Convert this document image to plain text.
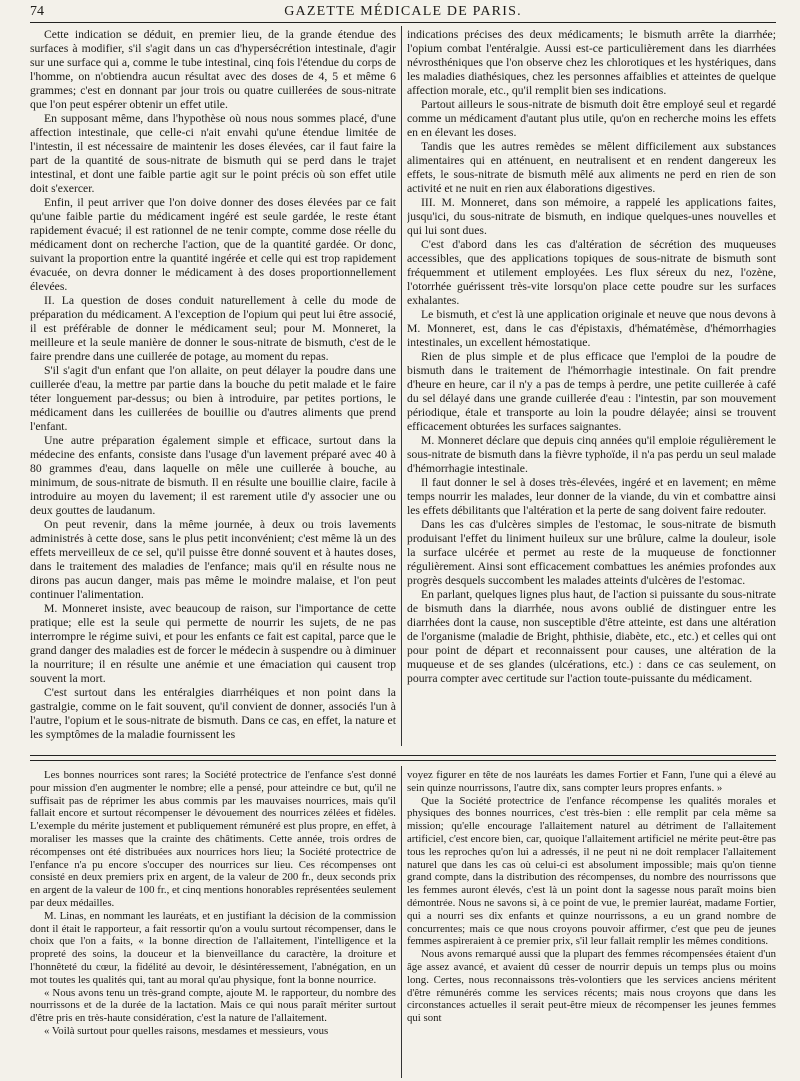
74	GAZETTE MÉDICALE DE PARIS.

Cette indication se déduit, en premier lieu, de la grande étendue des surfaces à modifier, s'il s'agit dans un cas d'hypersécrétion intestinale, d'agir sur une surface qui a, comme le tube intestinal, cinq fois l'étendue du corps de l'homme, on n'obtiendra aucun résultat avec des doses de 4, 5 et même 6 grammes; c'est en donnant par jour trois ou quatre cuillerées de sous-nitrate que l'on peut espérer obtenir un effet utile.

En supposant même, dans l'hypothèse où nous nous sommes placé, d'une affection intestinale, que celle-ci n'ait envahi qu'une étendue limitée de l'intestin, il est nécessaire de maintenir les doses élevées, car il faut faire la part de la quantité de sous-nitrate de bismuth qui se perd dans le trajet intestinal, et dont une faible partie agit sur le point précis où son effet utile doit s'exercer.

Enfin, il peut arriver que l'on doive donner des doses élevées par ce fait qu'une faible partie du médicament ingéré est seule gardée, le reste étant rapidement évacué; il est rationnel de ne tenir compte, comme dose réelle du médicament dont on recherche l'action, que de la quantité gardée. Or donc, suivant la proportion entre la quantité ingérée et celle qui est trop rapidement évacuée, on devra donner le médicament à des doses proportionnellement élevées.

II. La question de doses conduit naturellement à celle du mode de préparation du médicament. A l'exception de l'opium qui peut lui être associé, il est préférable de donner le médicament seul; pour M. Monneret, la meilleure et la seule manière de donner le sous-nitrate de bismuth, c'est de le faire prendre dans une cuillerée de potage, au moment du repas.

S'il s'agit d'un enfant que l'on allaite, on peut délayer la poudre dans une cuillerée d'eau, la mettre par partie dans la bouche du petit malade et le faire téter longuement par-dessus; ou bien à introduire, par petites portions, le médicament dans les cuillerées de bouillie ou d'autres aliments que prend l'enfant.

Une autre préparation également simple et efficace, surtout dans la médecine des enfants, consiste dans l'usage d'un lavement préparé avec 40 à 80 grammes d'eau, dans laquelle on mêle une cuillerée à bouche, au minimum, de sous-nitrate de bismuth. Il en résulte une bouillie claire, facile à introduire au moyen du lavement; il est rarement utile d'y associer une ou deux gouttes de laudanum.

On peut revenir, dans la même journée, à deux ou trois lavements administrés à cette dose, sans le plus petit inconvénient; c'est même là un des effets merveilleux de ce sel, qu'il puisse être donné souvent et à hautes doses, dans le traitement des maladies de l'enfance; mais qu'il en résulte nous ne dirons pas aucun danger, mais pas même le moindre malaise, et l'on peut continuer l'alimentation.

M. Monneret insiste, avec beaucoup de raison, sur l'importance de cette pratique; elle est la seule qui permette de nourrir les sujets, de ne pas interrompre le régime suivi, et pour les enfants ce fait est capital, parce que le grand danger des maladies est de forcer le médecin à suspendre ou à diminuer la nourriture; il en résulte une anémie et une émaciation qui causent trop souvent la mort.

C'est surtout dans les entéralgies diarrhéiques et non point dans la gastralgie, comme on le fait souvent, qu'il convient de donner, associés l'un à l'autre, l'opium et le sous-nitrate de bismuth. Dans ce cas, en effet, la nature et les symptômes de la maladie fournissent les

indications précises des deux médicaments; le bismuth arrête la diarrhée; l'opium combat l'entéralgie. Aussi est-ce particulièrement dans les diarrhées névrosthéniques que l'on observe chez les chlorotiques et les hystériques, dans les maladies diathésiques, chez les personnes affaiblies et atteintes de quelque affection morale, etc., qu'il remplit bien ses indications.

Partout ailleurs le sous-nitrate de bismuth doit être employé seul et regardé comme un médicament d'autant plus utile, qu'on en recherche moins les effets en en élevant les doses.

Tandis que les autres remèdes se mêlent difficilement aux substances alimentaires qui en atténuent, en neutralisent et en rendent dangereux les effets, le sous-nitrate de bismuth mêlé aux aliments ne perd en rien de son activité et ne nuit en rien aux élaborations digestives.

III. M. Monneret, dans son mémoire, a rappelé les applications faites, jusqu'ici, du sous-nitrate de bismuth, en indique quelques-unes nouvelles et qui lui sont dues.

C'est d'abord dans les cas d'altération de sécrétion des muqueuses accessibles, que des applications topiques de sous-nitrate de bismuth sont fréquemment et utilement employées. Les flux séreux du nez, l'ozène, l'otorrhée guérissent très-vite lorsqu'on place cette poudre sur les surfaces exhalantes.

Le bismuth, et c'est là une application originale et neuve que nous devons à M. Monneret, est, dans le cas d'épistaxis, d'hématémèse, d'hémorrhagies intestinales, un excellent hémostatique.

Rien de plus simple et de plus efficace que l'emploi de la poudre de bismuth dans le traitement de l'hémorrhagie intestinale. On fait prendre d'heure en heure, car il n'y a pas de temps à perdre, une petite cuillerée à café du sel délayé dans une grande cuillerée d'eau : l'intestin, par son mouvement périodique, étale et transporte au loin la poudre délayée; ainsi se trouvent efficacement obturées les surfaces saignantes.

M. Monneret déclare que depuis cinq années qu'il emploie régulièrement le sous-nitrate de bismuth dans la fièvre typhoïde, il n'a pas perdu un seul malade d'hémorrhagie intestinale.

Il faut donner le sel à doses très-élevées, ingéré et en lavement; en même temps nourrir les malades, leur donner de la viande, du vin et combattre ainsi les effets débilitants que l'altération et la perte de sang doivent faire redouter.

Dans les cas d'ulcères simples de l'estomac, le sous-nitrate de bismuth produisant l'effet du liniment huileux sur une brûlure, calme la douleur, isole la surface ulcérée et permet au reste de la muqueuse de fonctionner régulièrement. Ainsi sont efficacement combattues les anémies profondes aux progrès desquels succombent les malades atteints d'ulcères de l'estomac.

En parlant, quelques lignes plus haut, de l'action si puissante du sous-nitrate de bismuth dans la diarrhée, nous avons oublié de distinguer entre les diarrhées dont la cause, non susceptible d'être atteinte, est dans une altération de l'organisme (maladie de Bright, phthisie, diabète, etc., etc.) et celles qui ont pour point de départ et reconnaissent pour causes, une altération de la muqueuse et de ses glandes (ulcérations, etc.) : dans ce cas seulement, on pourra compter avec certitude sur l'action toute-puissante du médicament.

Les bonnes nourrices sont rares; la Société protectrice de l'enfance s'est donné pour mission d'en augmenter le nombre; elle a pensé, pour atteindre ce but, qu'il ne suffisait pas de réprimer les abus commis par les mauvaises nourrices, mais qu'il fallait encore et surtout récompenser le dévouement des nourrices zélées et fidèles. L'exemple du mérite justement et publiquement rémunéré est plus propre, en effet, à moraliser les masses que la crainte des châtiments. Cette année, trois ordres de récompenses ont été distribuées aux nourrices hors lieu; la Société protectrice de l'enfance n'a pu encore s'occuper des nourrices sur lieu. Ces récompenses ont consisté en deux premiers prix en argent, de la valeur de 200 fr., deux seconds prix en argent de la valeur de 100 fr., et cinq mentions honorables représentées seulement par deux médailles.

M. Linas, en nommant les lauréats, et en justifiant la décision de la commission dont il était le rapporteur, a fait ressortir qu'on a voulu surtout récompenser, dans le choix que l'on a faits, « la bonne direction de l'allaitement, l'intelligence et la propreté des soins, la douceur et la bienveillance du caractère, la droiture et l'honnêteté du cœur, la fidélité au devoir, le désintéressement, l'abnégation, en un mot toutes les qualités qui, tant au moral qu'au physique, font la bonne nourrice.

« Nous avons tenu un très-grand compte, ajoute M. le rapporteur, du nombre des nourrissons et de la durée de la lactation. Mais ce qui nous paraît mériter surtout d'être pris en très-haute considération, c'est la nature de l'allaitement.

« Voilà surtout pour quelles raisons, mesdames et messieurs, vous

voyez figurer en tête de nos lauréats les dames Fortier et Fann, l'une qui a élevé au sein quinze nourrissons, l'autre dix, sans compter leurs propres enfants. »

Que la Société protectrice de l'enfance récompense les qualités morales et physiques des bonnes nourrices, c'est très-bien : elle remplit par cela même sa mission; qu'elle encourage l'allaitement naturel au détriment de l'allaitement artificiel, c'est encore bien, car, quoique l'allaitement artificiel ne mérite peut-être pas tous les reproches qu'on lui a adressés, il ne peut ni ne doit remplacer l'allaitement naturel que dans les cas où celui-ci est absolument impossible; mais qu'on tienne grand compte, dans la distribution des récompenses, du nombre des nourrissons que les femmes auront élevés, c'est là un point dont la sagesse nous paraît moins bien démontrée. Nous ne savons si, à ce point de vue, le premier lauréat, madame Fortier, qui a nourri ses dix enfants et quinze nourrissons, a eu un grand nombre de concurrentes; mais ce que nous croyons pouvoir affirmer, c'est que peu de jeunes femmes aspireraient à ce premier prix, s'il leur fallait remplir les mêmes conditions.

Nous avons remarqué aussi que la plupart des femmes récompensées étaient d'un âge assez avancé, et avaient dû cesser de nourrir depuis un temps plus ou moins long. Certes, nous reconnaissons très-volontiers que les services anciens méritent d'être rémunérés comme les services récents; mais nous croyons que dans les circonstances actuelles il serait peut-être mieux de récompenser les jeunes femmes qui sont
